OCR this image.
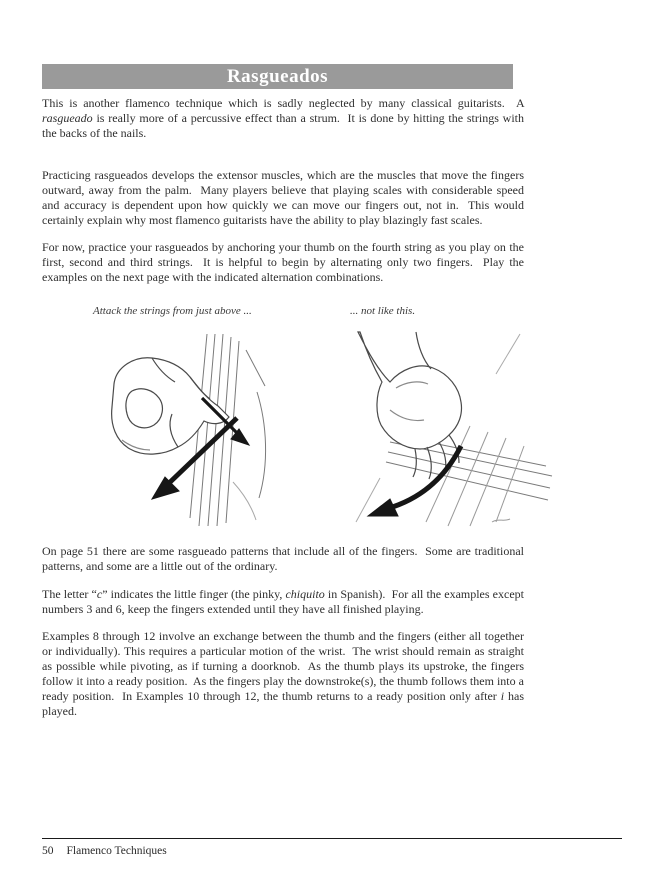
Rasgueados
This is another flamenco technique which is sadly neglected by many classical guitarists.  A rasgueado is really more of a percussive effect than a strum.  It is done by hitting the strings with the backs of the nails.
Practicing rasgueados develops the extensor muscles, which are the muscles that move the fingers outward, away from the palm.  Many players believe that playing scales with considerable speed and accuracy is dependent upon how quickly we can move our fingers out, not in.  This would certainly explain why most flamenco guitarists have the ability to play blazingly fast scales.
For now, practice your rasgueados by anchoring your thumb on the fourth string as you play on the first, second and third strings.  It is helpful to begin by alternating only two fingers.  Play the examples on the next page with the indicated alternation combinations.
Attack the strings from just above ...	... not like this.
On page 51 there are some rasgueado patterns that include all of the fingers.  Some are traditional patterns, and some are a little out of the ordinary.
The letter “c” indicates the little finger (the pinky, chiquito in Spanish).  For all the examples except numbers 3 and 6, keep the fingers extended until they have all finished playing.
Examples 8 through 12 involve an exchange between the thumb and the fingers (either all together or individually). This requires a particular motion of the wrist.  The wrist should remain as straight as possible while pivoting, as if turning a doorknob.  As the thumb plays its upstroke, the fingers follow it into a ready position.  As the fingers play the downstroke(s), the thumb follows them into a ready position.  In Examples 10 through 12, the thumb returns to a ready position only after i has played.
50 Flamenco Techniques
